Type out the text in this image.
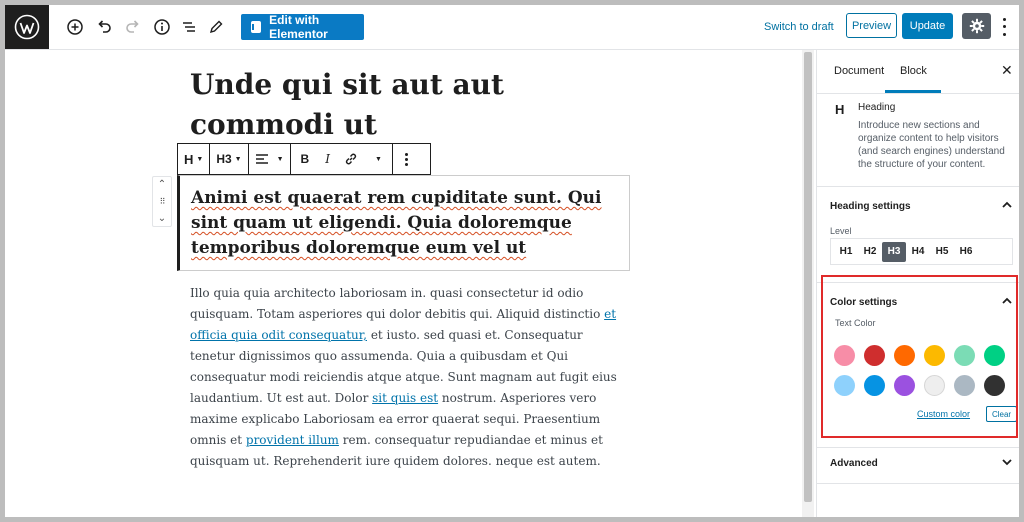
Edit with Elementor	Switch to draft	Preview	Update
Unde qui sit aut aut commodi ut
H ▼ H3 ▼	▼	B	I	▼
⌃
⠿
⌄
Animi est quaerat rem cupiditate sunt. Qui sint quam ut eligendi. Quia doloremque temporibus doloremque eum vel ut
Illo quia quia architecto laboriosam in. quasi consectetur id odio quisquam. Totam asperiores qui dolor debitis qui. Aliquid distinctio et officia quia odit consequatur, et iusto. sed quasi et. Consequatur tenetur dignissimos quo assumenda. Quia a quibusdam et Qui consequatur modi reiciendis atque atque. Sunt magnam aut fugit eius laudantium. Ut est aut. Dolor sit quis est nostrum. Asperiores vero maxime explicabo Laboriosam ea error quaerat sequi. Praesentium omnis et provident illum rem. consequatur repudiandae et minus et quisquam ut. Reprehenderit iure quidem dolores. neque est autem.
Document Block	✕
H Heading
Introduce new sections and organize content to help visitors (and search engines) understand the structure of your content.
Heading settings
Level
H1	H2	H3	H4	H5	H6
Color settings
Text Color
Custom color	Clear
Advanced
